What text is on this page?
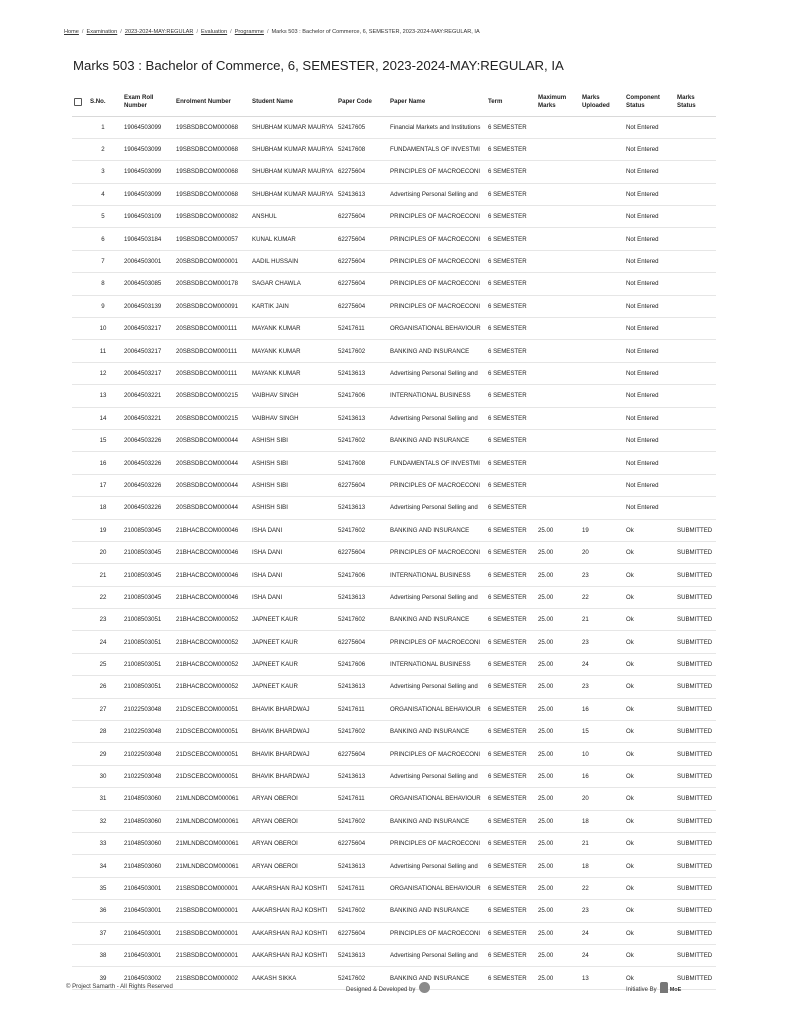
Home / Examination / 2023-2024-MAY:REGULAR / Evaluation / Programme / Marks 503 : Bachelor of Commerce, 6, SEMESTER, 2023-2024-MAY:REGULAR, IA
Marks 503 : Bachelor of Commerce, 6, SEMESTER, 2023-2024-MAY:REGULAR, IA
	S.No.	Exam Roll Number	Enrolment Number	Student Name	Paper Code	Paper Name	Term	Maximum Marks	Marks Uploaded	Component Status	Marks Status
	1	19064503099	19SBSDBCOM000068	SHUBHAM KUMAR MAURYA	52417605	Financial Markets and Institutions	6 SEMESTER			Not Entered	
	2	19064503099	19SBSDBCOM000068	SHUBHAM KUMAR MAURYA	52417608	FUNDAMENTALS OF INVESTMI	6 SEMESTER			Not Entered	
	3	19064503099	19SBSDBCOM000068	SHUBHAM KUMAR MAURYA	62275604	PRINCIPLES OF MACROECONI	6 SEMESTER			Not Entered	
	4	19064503099	19SBSDBCOM000068	SHUBHAM KUMAR MAURYA	52413613	Advertising Personal Selling and	6 SEMESTER			Not Entered	
	5	19064503109	19SBSDBCOM000082	ANSHUL	62275604	PRINCIPLES OF MACROECONI	6 SEMESTER			Not Entered	
	6	19064503184	19SBSDBCOM000057	KUNAL KUMAR	62275604	PRINCIPLES OF MACROECONI	6 SEMESTER			Not Entered	
	7	20064503001	20SBSDBCOM000001	AADIL HUSSAIN	62275604	PRINCIPLES OF MACROECONI	6 SEMESTER			Not Entered	
	8	20064503085	20SBSDBCOM000178	SAGAR CHAWLA	62275604	PRINCIPLES OF MACROECONI	6 SEMESTER			Not Entered	
	9	20064503139	20SBSDBCOM000091	KARTIK JAIN	62275604	PRINCIPLES OF MACROECONI	6 SEMESTER			Not Entered	
	10	20064503217	20SBSDBCOM000111	MAYANK KUMAR	52417611	ORGANISATIONAL BEHAVIOUR	6 SEMESTER			Not Entered	
	11	20064503217	20SBSDBCOM000111	MAYANK KUMAR	52417602	BANKING AND INSURANCE	6 SEMESTER			Not Entered	
	12	20064503217	20SBSDBCOM000111	MAYANK KUMAR	52413613	Advertising Personal Selling and	6 SEMESTER			Not Entered	
	13	20064503221	20SBSDBCOM000215	VAIBHAV SINGH	52417606	INTERNATIONAL BUSINESS	6 SEMESTER			Not Entered	
	14	20064503221	20SBSDBCOM000215	VAIBHAV SINGH	52413613	Advertising Personal Selling and	6 SEMESTER			Not Entered	
	15	20064503226	20SBSDBCOM000044	ASHISH SIBI	52417602	BANKING AND INSURANCE	6 SEMESTER			Not Entered	
	16	20064503226	20SBSDBCOM000044	ASHISH SIBI	52417608	FUNDAMENTALS OF INVESTMI	6 SEMESTER			Not Entered	
	17	20064503226	20SBSDBCOM000044	ASHISH SIBI	62275604	PRINCIPLES OF MACROECONI	6 SEMESTER			Not Entered	
	18	20064503226	20SBSDBCOM000044	ASHISH SIBI	52413613	Advertising Personal Selling and	6 SEMESTER			Not Entered	
	19	21008503045	21BHACBCOM000046	ISHA DANI	52417602	BANKING AND INSURANCE	6 SEMESTER	25.00	19	Ok	SUBMITTED
	20	21008503045	21BHACBCOM000046	ISHA DANI	62275604	PRINCIPLES OF MACROECONI	6 SEMESTER	25.00	20	Ok	SUBMITTED
	21	21008503045	21BHACBCOM000046	ISHA DANI	52417606	INTERNATIONAL BUSINESS	6 SEMESTER	25.00	23	Ok	SUBMITTED
	22	21008503045	21BHACBCOM000046	ISHA DANI	52413613	Advertising Personal Selling and	6 SEMESTER	25.00	22	Ok	SUBMITTED
	23	21008503051	21BHACBCOM000052	JAPNEET KAUR	52417602	BANKING AND INSURANCE	6 SEMESTER	25.00	21	Ok	SUBMITTED
	24	21008503051	21BHACBCOM000052	JAPNEET KAUR	62275604	PRINCIPLES OF MACROECONI	6 SEMESTER	25.00	23	Ok	SUBMITTED
	25	21008503051	21BHACBCOM000052	JAPNEET KAUR	52417606	INTERNATIONAL BUSINESS	6 SEMESTER	25.00	24	Ok	SUBMITTED
	26	21008503051	21BHACBCOM000052	JAPNEET KAUR	52413613	Advertising Personal Selling and	6 SEMESTER	25.00	23	Ok	SUBMITTED
	27	21022503048	21DSCEBCOM000051	BHAVIK BHARDWAJ	52417611	ORGANISATIONAL BEHAVIOUR	6 SEMESTER	25.00	16	Ok	SUBMITTED
	28	21022503048	21DSCEBCOM000051	BHAVIK BHARDWAJ	52417602	BANKING AND INSURANCE	6 SEMESTER	25.00	15	Ok	SUBMITTED
	29	21022503048	21DSCEBCOM000051	BHAVIK BHARDWAJ	62275604	PRINCIPLES OF MACROECONI	6 SEMESTER	25.00	10	Ok	SUBMITTED
	30	21022503048	21DSCEBCOM000051	BHAVIK BHARDWAJ	52413613	Advertising Personal Selling and	6 SEMESTER	25.00	16	Ok	SUBMITTED
	31	21048503060	21MLNDBCOM000061	ARYAN OBEROI	52417611	ORGANISATIONAL BEHAVIOUR	6 SEMESTER	25.00	20	Ok	SUBMITTED
	32	21048503060	21MLNDBCOM000061	ARYAN OBEROI	52417602	BANKING AND INSURANCE	6 SEMESTER	25.00	18	Ok	SUBMITTED
	33	21048503060	21MLNDBCOM000061	ARYAN OBEROI	62275604	PRINCIPLES OF MACROECONI	6 SEMESTER	25.00	21	Ok	SUBMITTED
	34	21048503060	21MLNDBCOM000061	ARYAN OBEROI	52413613	Advertising Personal Selling and	6 SEMESTER	25.00	18	Ok	SUBMITTED
	35	21064503001	21SBSDBCOM000001	AAKARSHAN RAJ KOSHTI	52417611	ORGANISATIONAL BEHAVIOUR	6 SEMESTER	25.00	22	Ok	SUBMITTED
	36	21064503001	21SBSDBCOM000001	AAKARSHAN RAJ KOSHTI	52417602	BANKING AND INSURANCE	6 SEMESTER	25.00	23	Ok	SUBMITTED
	37	21064503001	21SBSDBCOM000001	AAKARSHAN RAJ KOSHTI	62275604	PRINCIPLES OF MACROECONI	6 SEMESTER	25.00	24	Ok	SUBMITTED
	38	21064503001	21SBSDBCOM000001	AAKARSHAN RAJ KOSHTI	52413613	Advertising Personal Selling and	6 SEMESTER	25.00	24	Ok	SUBMITTED
	39	21064503002	21SBSDBCOM000002	AAKASH SIKKA	52417602	BANKING AND INSURANCE	6 SEMESTER	25.00	13	Ok	SUBMITTED
© Project Samarth - All Rights Reserved
Designed & Developed by	Initiative By MoE
